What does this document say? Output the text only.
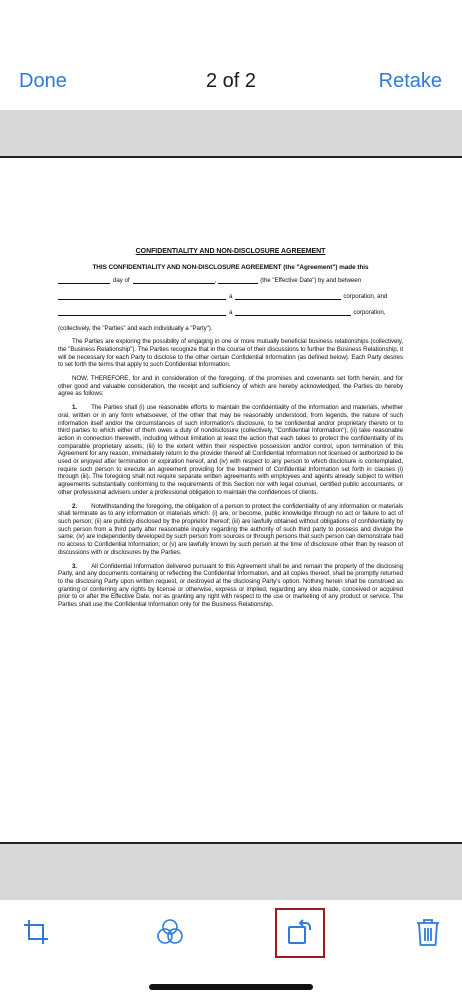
Done	2 of 2	Retake
CONFIDENTIALITY AND NON-DISCLOSURE AGREEMENT
THIS CONFIDENTIALITY AND NON-DISCLOSURE AGREEMENT (the "Agreement") made this
day of	,	(the "Effective Date") by and between
a	corporation, and
a	corporation,

(collectively, the "Parties" and each individually a "Party").

The Parties are exploring the possibility of engaging in one or more mutually beneficial business relationships (collectively, the "Business Relationship"). The Parties recognize that in the course of their discussions to further the Business Relationship, it will be necessary for each Party to disclose to the other certain Confidential Information (as defined below). Each Party desires to set forth the terms that apply to such Confidential Information.

NOW, THEREFORE, for and in consideration of the foregoing, of the promises and covenants set forth herein, and for other good and valuable consideration, the receipt and sufficiency of which are hereby acknowledged, the Parties do hereby agree as follows:

1. The Parties shall (i) use reasonable efforts to maintain the confidentiality of the information and materials, whether oral, written or in any form whatsoever, of the other that may be reasonably understood, from legends, the nature of such information itself and/or the circumstances of such information's disclosure, to be confidential and/or proprietary thereto or to third parties to which either of them owes a duty of nondisclosure (collectively, "Confidential Information"); (ii) take reasonable action in connection therewith, including without limitation at least the action that each takes to protect the confidentiality of its comparable proprietary assets; (iii) to the extent within their respective possession and/or control, upon termination of this Agreement for any reason, immediately return to the provider thereof all Confidential Information not licensed or authorized to be used or enjoyed after termination or expiration hereof, and (iv) with respect to any person to which disclosure is contemplated, require such person to execute an agreement providing for the treatment of Confidential Information set forth in clauses (i) through (iii). The foregoing shall not require separate written agreements with employees and agents already subject to written agreements substantially conforming to the requirements of this Section nor with legal counsel, certified public accountants, or other professional advisers under a professional obligation to maintain the confidences of clients.

2. Notwithstanding the foregoing, the obligation of a person to protect the confidentiality of any information or materials shall terminate as to any information or materials which: (i) are, or become, public knowledge through no act or failure to act of such person; (ii) are publicly disclosed by the proprietor thereof; (iii) are lawfully obtained without obligations of confidentiality by such person from a third party after reasonable inquiry regarding the authority of such third party to possess and divulge the same; (iv) are independently developed by such person from sources or through persons that such person can demonstrate had no access to Confidential Information; or (v) are lawfully known by such person at the time of disclosure other than by reason of discussions with or disclosures by the Parties.

3. All Confidential Information delivered pursuant to this Agreement shall be and remain the property of the disclosing Party, and any documents containing or reflecting the Confidential Information, and all copies thereof, shall be promptly returned to the disclosing Party upon written request, or destroyed at the disclosing Party's option. Nothing herein shall be construed as granting or conferring any rights by license or otherwise, express or implied, regarding any idea made, conceived or acquired prior to or after the Effective Date, nor as granting any right with respect to the use or marketing of any product or service. The Parties shall use the Confidential Information only for the Business Relationship.
